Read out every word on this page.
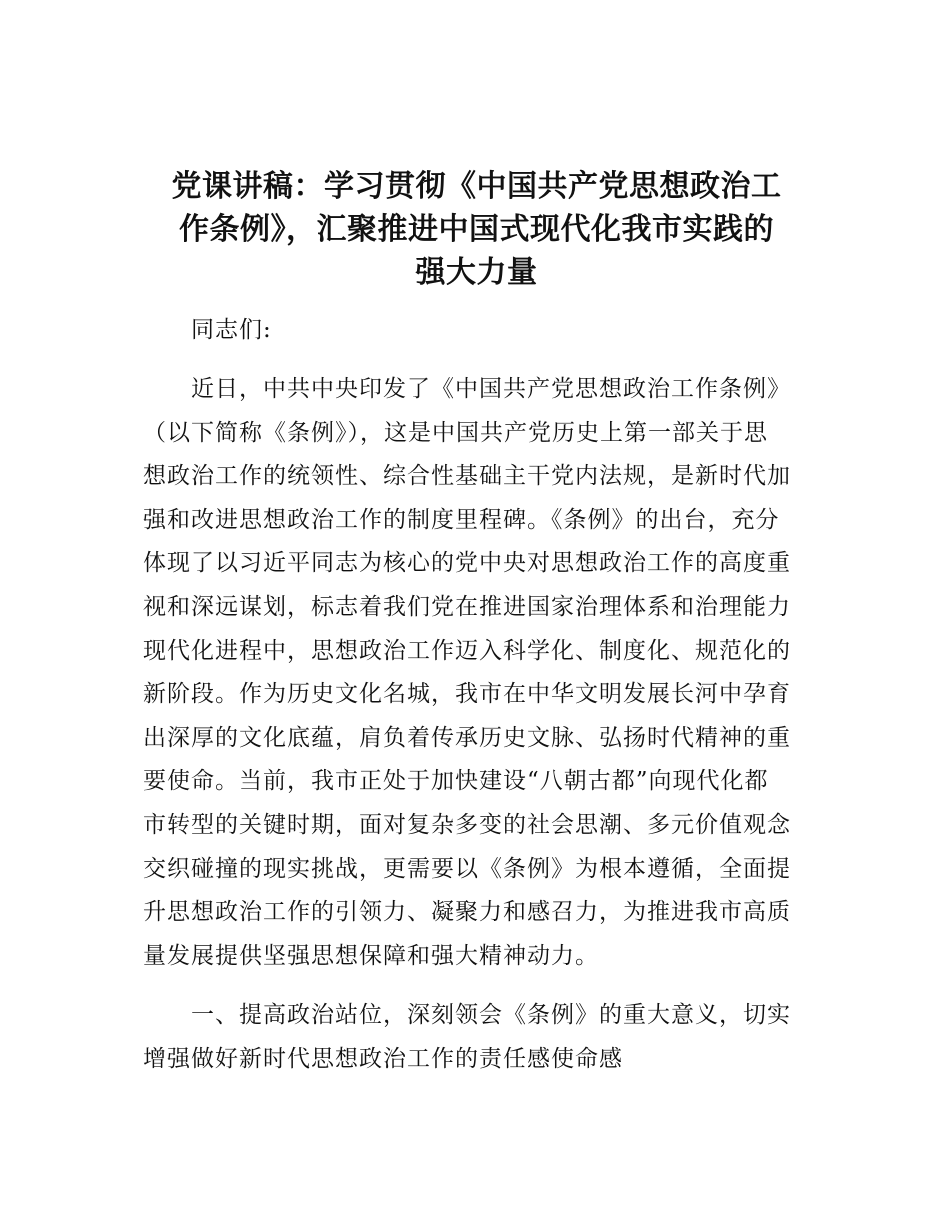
党课讲稿：学习贯彻《中国共产党思想政治工
作条例》，汇聚推进中国式现代化我市实践的
强大力量

同志们:

近日，中共中央印发了《中国共产党思想政治工作条例》
（以下简称《条例》），这是中国共产党历史上第一部关于思
想政治工作的统领性、综合性基础主干党内法规，是新时代加
强和改进思想政治工作的制度里程碑。《条例》的出台，充分
体现了以习近平同志为核心的党中央对思想政治工作的高度重
视和深远谋划，标志着我们党在推进国家治理体系和治理能力
现代化进程中，思想政治工作迈入科学化、制度化、规范化的
新阶段。作为历史文化名城，我市在中华文明发展长河中孕育
出深厚的文化底蕴，肩负着传承历史文脉、弘扬时代精神的重
要使命。当前，我市正处于加快建设“八朝古都”向现代化都
市转型的关键时期，面对复杂多变的社会思潮、多元价值观念
交织碰撞的现实挑战，更需要以《条例》为根本遵循，全面提
升思想政治工作的引领力、凝聚力和感召力，为推进我市高质
量发展提供坚强思想保障和强大精神动力。

一、提高政治站位，深刻领会《条例》的重大意义，切实
增强做好新时代思想政治工作的责任感使命感
